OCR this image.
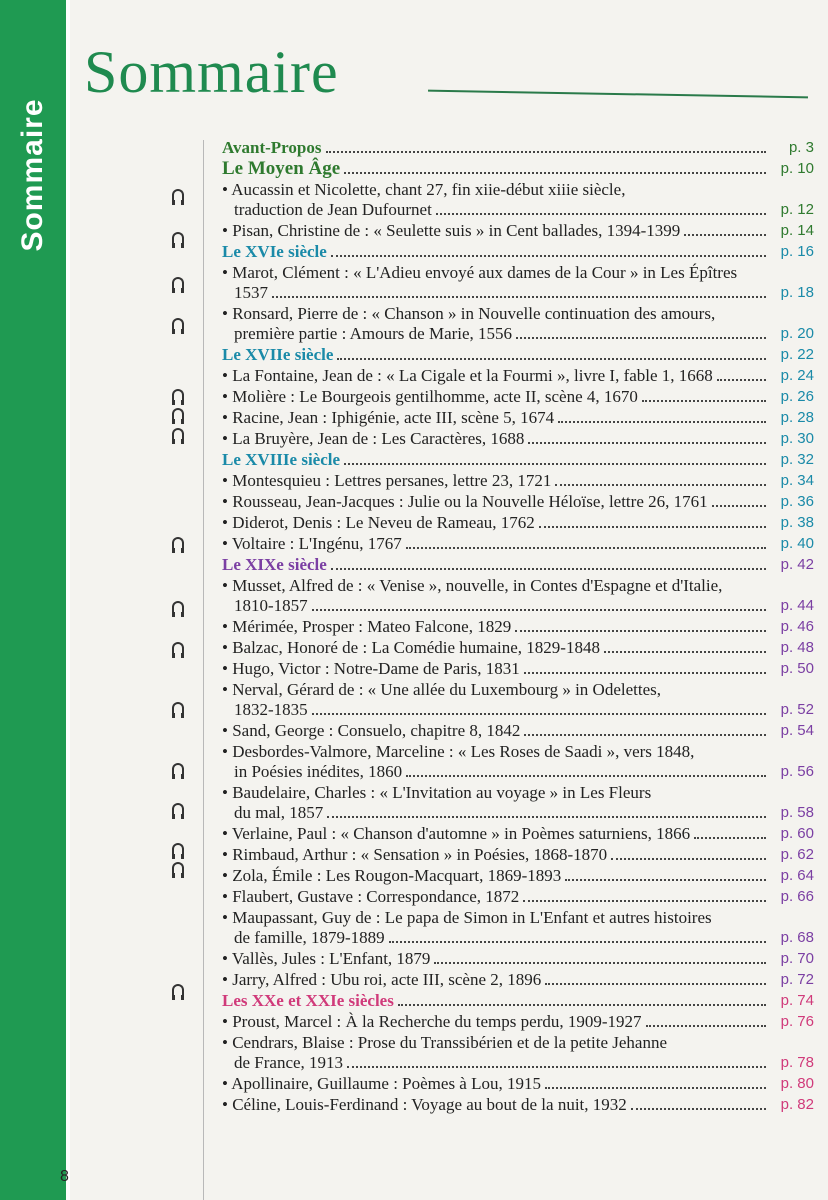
Sommaire
8
Sommaire
Avant-Propos	p. 3
Le Moyen Âge	p. 10
• Aucassin et Nicolette, chant 27, fin xiie-début xiiie siècle,
traduction de Jean Dufournet	p. 12
• Pisan, Christine de : « Seulette suis » in Cent ballades, 1394-1399	p. 14
Le XVIe siècle	p. 16
• Marot, Clément : « L'Adieu envoyé aux dames de la Cour » in Les Épîtres
1537	p. 18
• Ronsard, Pierre de : « Chanson » in Nouvelle continuation des amours,
première partie : Amours de Marie, 1556	p. 20
Le XVIIe siècle	p. 22
• La Fontaine, Jean de : « La Cigale et la Fourmi », livre I, fable 1, 1668	p. 24
• Molière : Le Bourgeois gentilhomme, acte II, scène 4, 1670	p. 26
• Racine, Jean : Iphigénie, acte III, scène 5, 1674	p. 28
• La Bruyère, Jean de : Les Caractères, 1688	p. 30
Le XVIIIe siècle	p. 32
• Montesquieu : Lettres persanes, lettre 23, 1721	p. 34
• Rousseau, Jean-Jacques : Julie ou la Nouvelle Héloïse, lettre 26, 1761	p. 36
• Diderot, Denis : Le Neveu de Rameau, 1762	p. 38
• Voltaire : L'Ingénu, 1767	p. 40
Le XIXe siècle	p. 42
• Musset, Alfred de : « Venise », nouvelle, in Contes d'Espagne et d'Italie,
1810-1857	p. 44
• Mérimée, Prosper : Mateo Falcone, 1829	p. 46
• Balzac, Honoré de : La Comédie humaine, 1829-1848	p. 48
• Hugo, Victor : Notre-Dame de Paris, 1831	p. 50
• Nerval, Gérard de : « Une allée du Luxembourg » in Odelettes,
1832-1835	p. 52
• Sand, George : Consuelo, chapitre 8, 1842	p. 54
• Desbordes-Valmore, Marceline : « Les Roses de Saadi », vers 1848,
in Poésies inédites, 1860	p. 56
• Baudelaire, Charles : « L'Invitation au voyage » in Les Fleurs
du mal, 1857	p. 58
• Verlaine, Paul : « Chanson d'automne » in Poèmes saturniens, 1866	p. 60
• Rimbaud, Arthur : « Sensation » in Poésies, 1868-1870	p. 62
• Zola, Émile : Les Rougon-Macquart, 1869-1893	p. 64
• Flaubert, Gustave : Correspondance, 1872	p. 66
• Maupassant, Guy de : Le papa de Simon in L'Enfant et autres histoires
de famille, 1879-1889	p. 68
• Vallès, Jules : L'Enfant, 1879	p. 70
• Jarry, Alfred : Ubu roi, acte III, scène 2, 1896	p. 72
Les XXe et XXIe siècles	p. 74
• Proust, Marcel : À la Recherche du temps perdu, 1909-1927	p. 76
• Cendrars, Blaise : Prose du Transsibérien et de la petite Jehanne
de France, 1913	p. 78
• Apollinaire, Guillaume : Poèmes à Lou, 1915	p. 80
• Céline, Louis-Ferdinand : Voyage au bout de la nuit, 1932	p. 82
